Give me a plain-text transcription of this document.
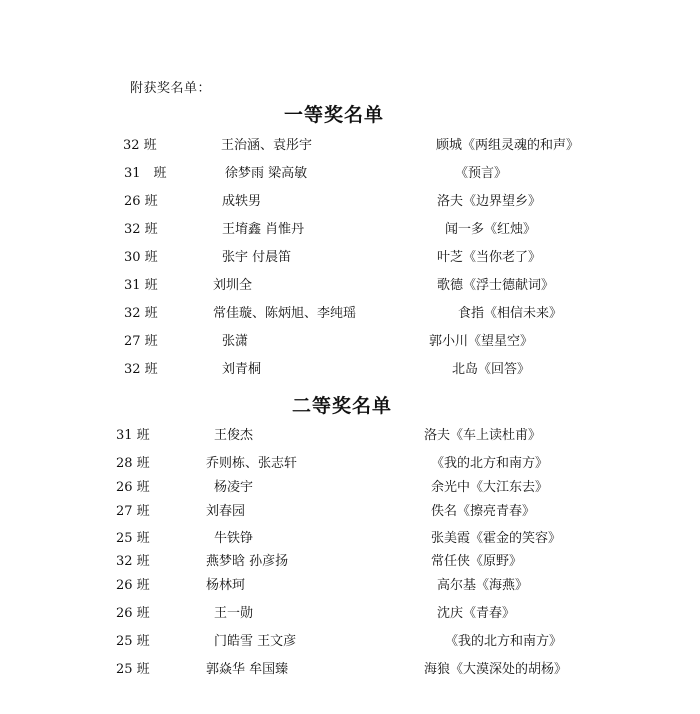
附获奖名单：
一等奖名单
32 班	王治涵、袁彤宇	顾城《两组灵魂的和声》
31　班	徐梦雨 梁高敏	《预言》
26 班	成轶男	洛夫《边界望乡》
32 班	王堉鑫 肖惟丹	闻一多《红烛》
30 班	张宇 付晨笛	叶芝《当你老了》
31 班	刘圳全	歌德《浮士德献词》
32 班	常佳璇、陈炳旭、李纯瑶	食指《相信未来》
27 班	张潇	郭小川《望星空》
32 班	刘青桐	北岛《回答》
二等奖名单
31 班	王俊杰	洛夫《车上读杜甫》
28 班	乔则栋、张志轩	《我的北方和南方》
26 班	杨凌宇	余光中《大江东去》
27 班	刘春园	佚名《擦亮青春》
25 班	牛铁铮	张美霞《霍金的笑容》
32 班	燕梦晗 孙彦扬	常任侠《原野》
26 班	杨林珂	高尔基《海燕》
26 班	王一勋	沈庆《青春》
25 班	门皓雪 王文彦	《我的北方和南方》
25 班	郭焱华 牟国臻	海狼《大漠深处的胡杨》
